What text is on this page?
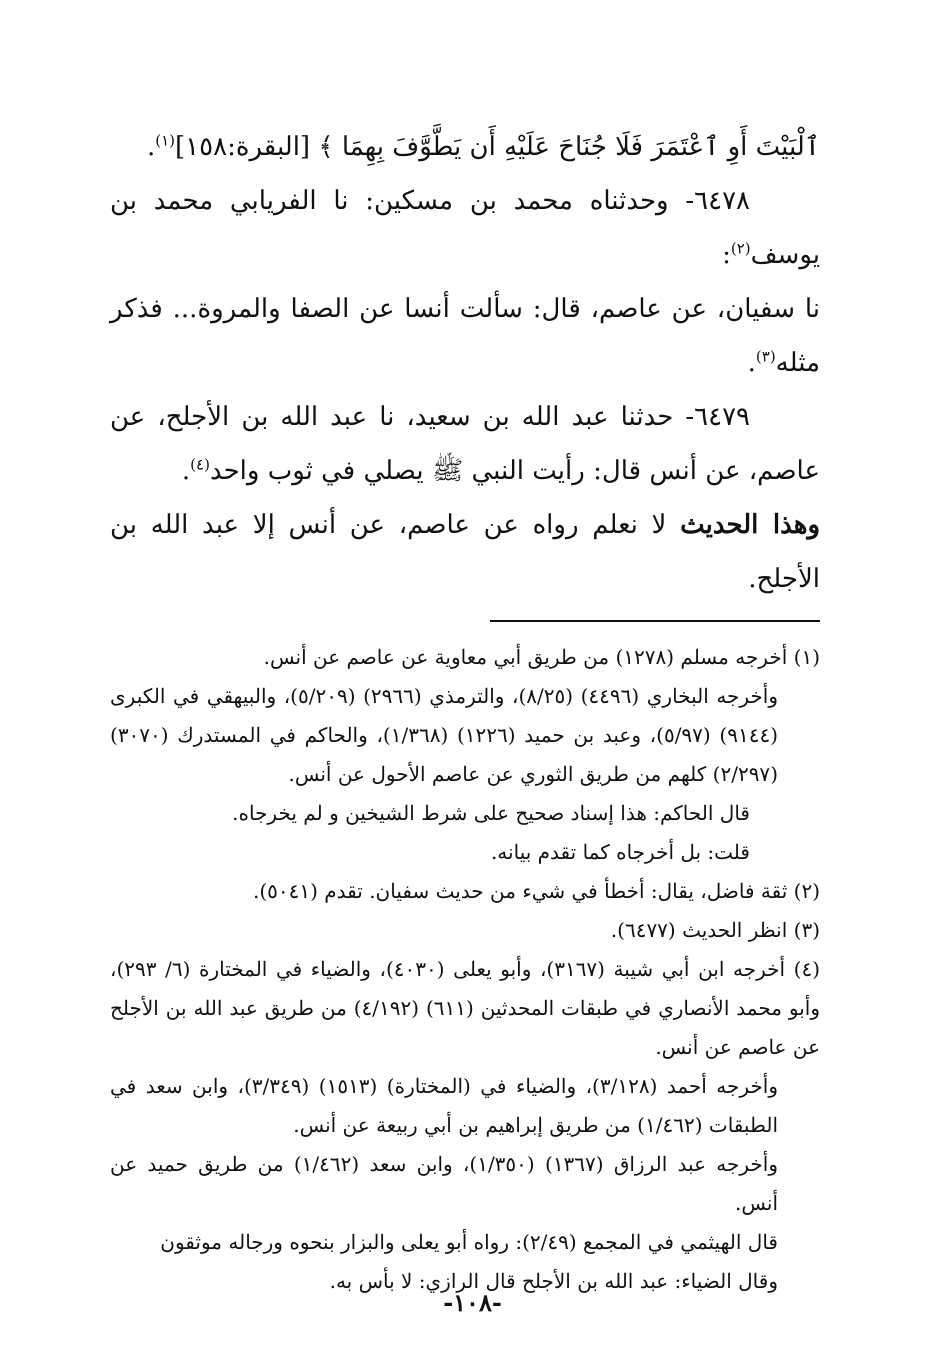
ٱلْبَيْتَ أَوِ ٱعْتَمَرَ فَلَا جُنَاحَ عَلَيْهِ أَن يَطَّوَّفَ بِهِمَا ﴾ [البقرة:١٥٨]$^{(١)}$.

٦٤٧٨- وحدثناه محمد بن مسكين: نا الفريابي محمد بن يوسف$^{(٢)}$:

نا سفيان، عن عاصم، قال: سألت أنسا عن الصفا والمروة... فذكر مثله$^{(٣)}$.

٦٤٧٩- حدثنا عبد الله بن سعيد، نا عبد الله بن الأجلح، عن عاصم، عن أنس قال: رأيت النبي ﷺ يصلي في ثوب واحد$^{(٤)}$.

وهذا الحديث لا نعلم رواه عن عاصم، عن أنس إلا عبد الله بن الأجلح.

(١) أخرجه مسلم (١٢٧٨) من طريق أبي معاوية عن عاصم عن أنس.

وأخرجه البخاري (٤٤٩٦) (٨/٢٥)، والترمذي (٢٩٦٦) (٥/٢٠٩)، والبيهقي في الكبرى (٩١٤٤) (٥/٩٧)، وعبد بن حميد (١٢٢٦) (١/٣٦٨)، والحاكم في المستدرك (٣٠٧٠) (٢/٢٩٧) كلهم من طريق الثوري عن عاصم الأحول عن أنس.

قال الحاكم: هذا إسناد صحيح على شرط الشيخين و لم يخرجاه.

قلت: بل أخرجاه كما تقدم بيانه.

(٢) ثقة فاضل، يقال: أخطأ في شيء من حديث سفيان. تقدم (٥٠٤١).

(٣) انظر الحديث (٦٤٧٧).

(٤) أخرجه ابن أبي شيبة (٣١٦٧)، وأبو يعلى (٤٠٣٠)، والضياء في المختارة (٦/ ٢٩٣)، وأبو محمد الأنصاري في طبقات المحدثين (٦١١) (٤/١٩٢) من طريق عبد الله بن الأجلح عن عاصم عن أنس.

وأخرجه أحمد (٣/١٢٨)، والضياء في (المختارة) (١٥١٣) (٣/٣٤٩)، وابن سعد في الطبقات (١/٤٦٢) من طريق إبراهيم بن أبي ربيعة عن أنس.

وأخرجه عبد الرزاق (١٣٦٧) (١/٣٥٠)، وابن سعد (١/٤٦٢) من طريق حميد عن أنس.

قال الهيثمي في المجمع (٢/٤٩): رواه أبو يعلى والبزار بنحوه ورجاله موثقون

وقال الضياء: عبد الله بن الأجلح قال الرازي: لا بأس به.

-١٠٨-
